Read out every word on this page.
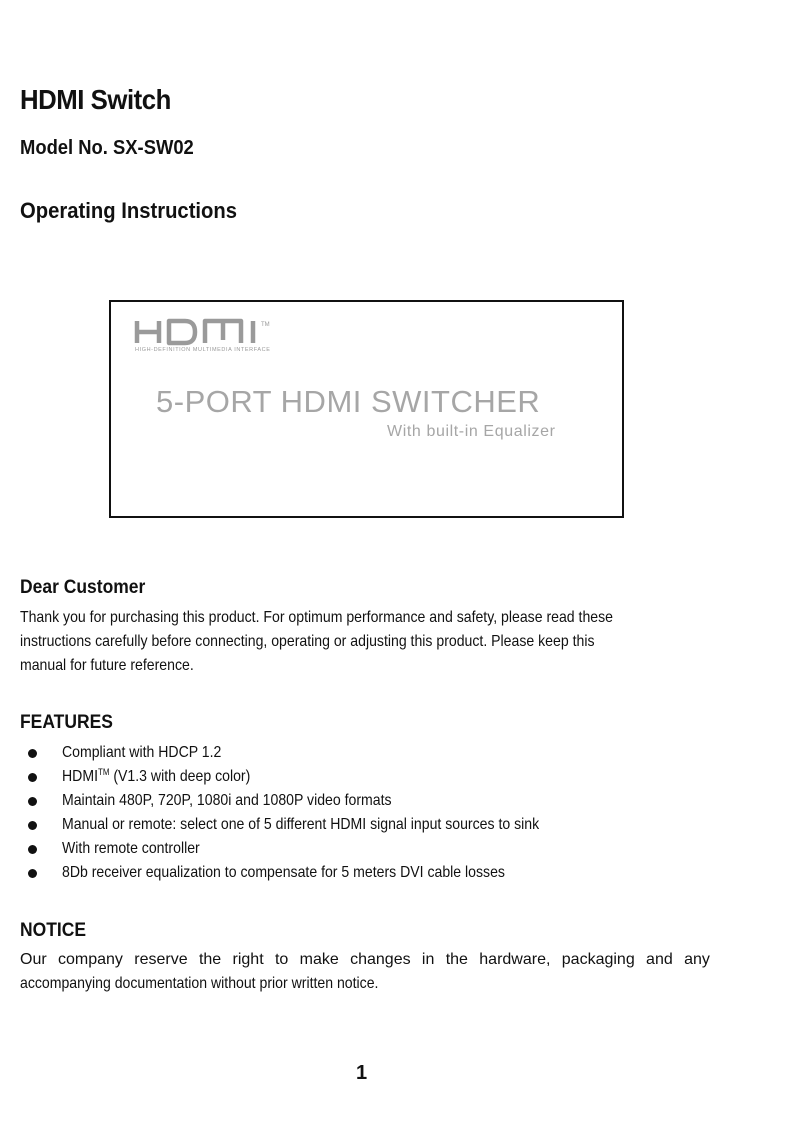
HDMI Switch
Model No. SX-SW02
Operating Instructions
TM
HIGH-DEFINITION MULTIMEDIA INTERFACE
5-PORT HDMI SWITCHER
With built-in Equalizer
Dear Customer
Thank you for purchasing this product. For optimum performance and safety, please read these
instructions carefully before connecting, operating or adjusting this product. Please keep this
manual for future reference.
FEATURES
Compliant with HDCP 1.2
HDMI™ (V1.3 with deep color)
Maintain 480P, 720P, 1080i and 1080P video formats
Manual or remote: select one of 5 different HDMI signal input sources to sink
With remote controller
8Db receiver equalization to compensate for 5 meters DVI cable losses
NOTICE
Our company reserve the right to make changes in the hardware, packaging and any
accompanying documentation without prior written notice.
1
